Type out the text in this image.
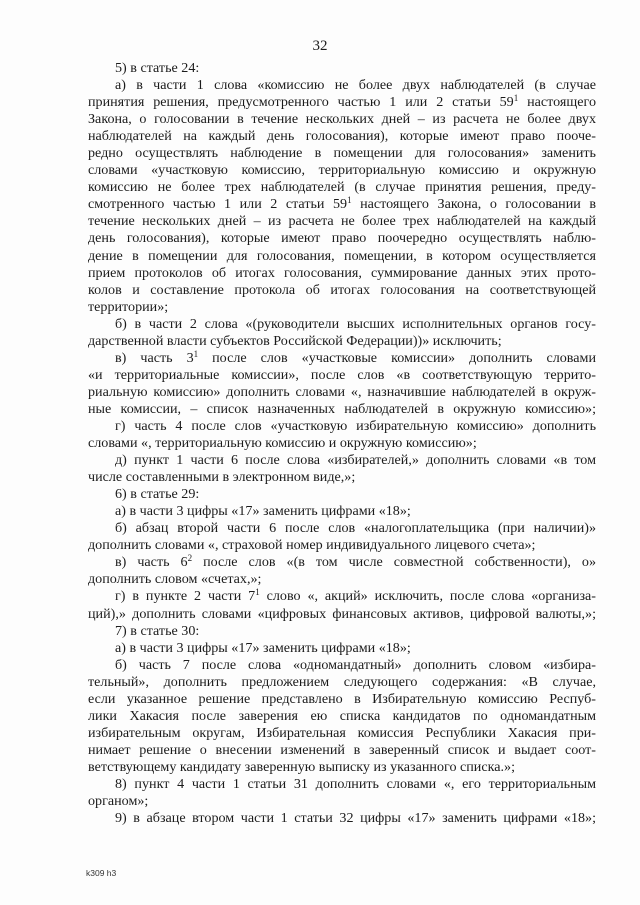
32
5) в статье 24:
а) в части 1 слова «комиссию не более двух наблюдателей (в случае
принятия решения, предусмотренного частью 1 или 2 статьи $59^1$ настоящего
Закона, о голосовании в течение нескольких дней – из расчета не более двух
наблюдателей на каждый день голосования), которые имеют право поочe-
редно осуществлять наблюдение в помещении для голосования» заменить
словами «участковую комиссию, территориальную комиссию и окружную
комиссию не более трех наблюдателей (в случае принятия решения, преду-
смотренного частью 1 или 2 статьи $59^1$ настоящего Закона, о голосовании в
течение нескольких дней – из расчета не более трех наблюдателей на каждый
день голосования), которые имеют право поочередно осуществлять наблю-
дение в помещении для голосования, помещении, в котором осуществляется
прием протоколов об итогах голосования, суммирование данных этих прото-
колов и составление протокола об итогах голосования на соответствующей
территории»;
б) в части 2 слова «(руководители высших исполнительных органов госу-
дарственной власти субъектов Российской Федерации))» исключить;
в) часть $3^1$ после слов «участковые комиссии» дополнить словами
«и территориальные комиссии», после слов «в соответствующую террито-
риальную комиссию» дополнить словами «, назначившие наблюдателей в окруж-
ные комиссии, – список назначенных наблюдателей в окружную комиссию»;
г) часть 4 после слов «участковую избирательную комиссию» дополнить
словами «, территориальную комиссию и окружную комиссию»;
д) пункт 1 части 6 после слова «избирателей,» дополнить словами «в том
числе составленными в электронном виде,»;
6) в статье 29:
а) в части 3 цифры «17» заменить цифрами «18»;
б) абзац второй части 6 после слов «налогоплательщика (при наличии)»
дополнить словами «, страховой номер индивидуального лицевого счета»;
в) часть $6^2$ после слов «(в том числе совместной собственности), о»
дополнить словом «счетах,»;
г) в пункте 2 части $7^1$ слово «, акций» исключить, после слова «организа-
ций),» дополнить словами «цифровых финансовых активов, цифровой валюты,»;
7) в статье 30:
а) в части 3 цифры «17» заменить цифрами «18»;
б) часть 7 после слова «одномандатный» дополнить словом «избира-
тельный», дополнить предложением следующего содержания: «В случае,
если указанное решение представлено в Избирательную комиссию Респуб-
лики Хакасия после заверения ею списка кандидатов по одномандатным
избирательным округам, Избирательная комиссия Республики Хакасия при-
нимает решение о внесении изменений в заверенный список и выдает соот-
ветствующему кандидату заверенную выписку из указанного списка.»;
8) пункт 4 части 1 статьи 31 дополнить словами «, его территориальным
органом»;
9) в абзаце втором части 1 статьи 32 цифры «17» заменить цифрами «18»;
k309 h3
